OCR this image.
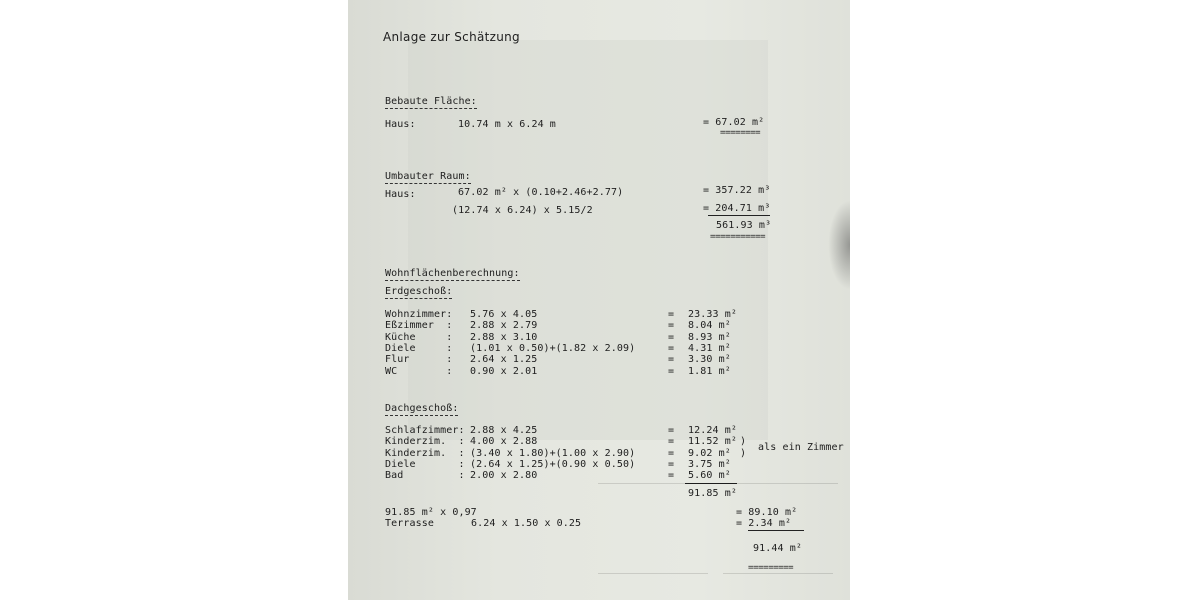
Anlage zur Schätzung
Bebaute Fläche:
Haus:	10.74 m x 6.24 m	= 67.02 m²
========
Umbauter Raum:
Haus:	67.02 m² x (0.10+2.46+2.77)	= 357.22 m³
(12.74 x 6.24) x 5.15/2	= 204.71 m³
561.93 m³
===========
Wohnflächenberechnung:
Erdgeschoß:
Wohnzimmer: 5.76 x 4.05	= 23.33 m²
Eßzimmer  : 2.88 x 2.79	= 8.04 m²
Küche     : 2.88 x 3.10	= 8.93 m²
Diele     : (1.01 x 0.50)+(1.82 x 2.09)	= 4.31 m²
Flur      : 2.64 x 1.25	= 3.30 m²
WC        : 0.90 x 2.01	= 1.81 m²
Dachgeschoß:
Schlafzimmer: 2.88 x 4.25	= 12.24 m²
Kinderzim.  : 4.00 x 2.88	= 11.52 m² )
Kinderzim.  : (3.40 x 1.80)+(1.00 x 2.90)	= 9.02 m² )
Diele       : (2.64 x 1.25)+(0.90 x 0.50)	= 3.75 m²
Bad         : 2.00 x 2.80	= 5.60 m²
als ein Zimmer
91.85 m²
91.85 m² x 0,97	= 89.10 m²
Terrasse	6.24 x 1.50 x 0.25	= 2.34 m²
91.44 m²
=========
